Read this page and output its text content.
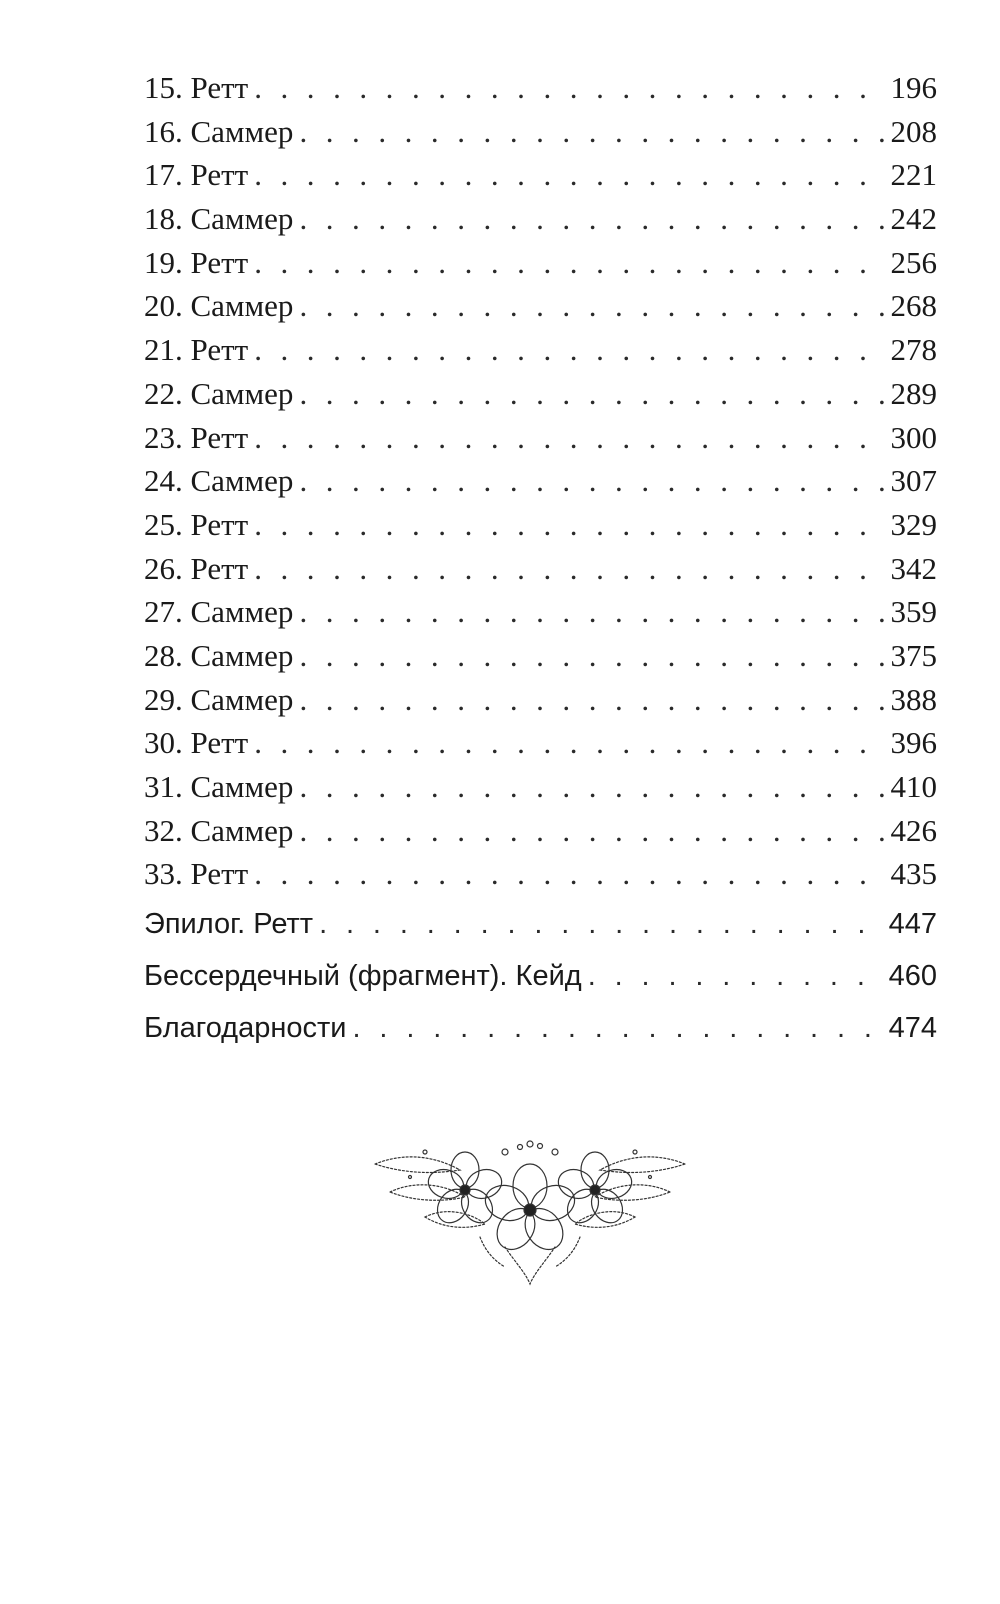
15. Ретт . . .	196
16. Саммер . . .	208
17. Ретт . . .	221
18. Саммер . . .	242
19. Ретт . . .	256
20. Саммер . . .	268
21. Ретт . . .	278
22. Саммер . . .	289
23. Ретт . . .	300
24. Саммер . . .	307
25. Ретт . . .	329
26. Ретт . . .	342
27. Саммер . . .	359
28. Саммер . . .	375
29. Саммер . . .	388
30. Ретт . . .	396
31. Саммер . . .	410
32. Саммер . . .	426
33. Ретт . . .	435
Эпилог. Ретт . . .	447
Бессердечный (фрагмент). Кейд . . .	460
Благодарности . . .	474
